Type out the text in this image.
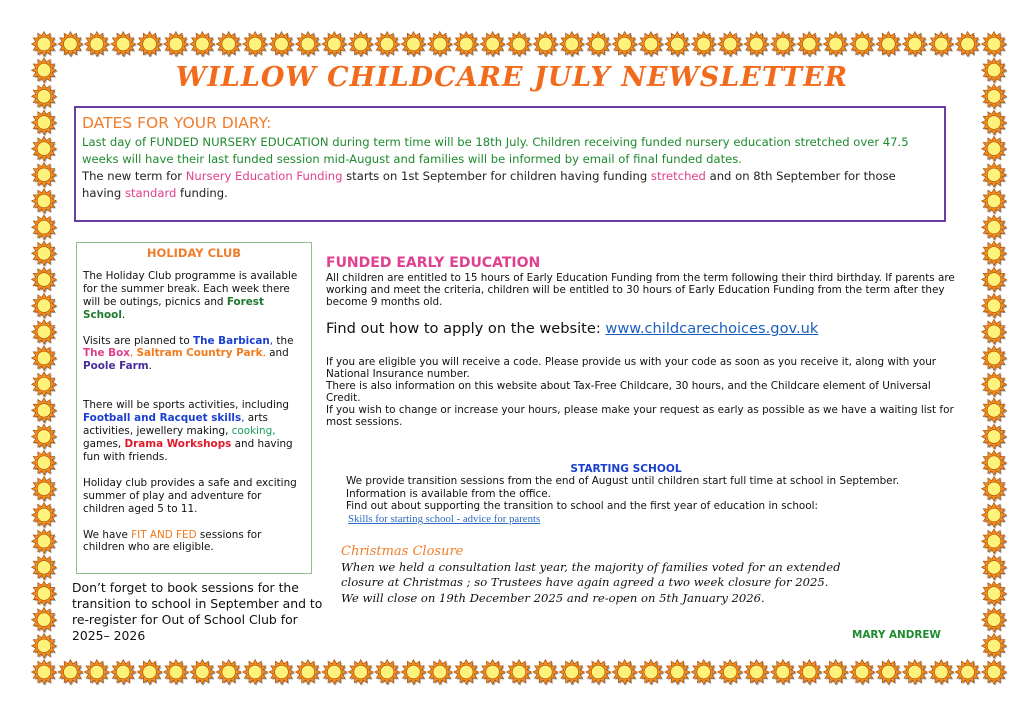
WILLOW CHILDCARE JULY NEWSLETTER
DATES FOR YOUR DIARY:
Last day of FUNDED NURSERY EDUCATION during term time will be 18th July. Children receiving funded nursery education stretched over 47.5 weeks will have their last funded session mid-August and families will be informed by email of final funded dates.
The new term for Nursery Education Funding starts on 1st September for children having funding stretched and on 8th September for those having standard funding.
HOLIDAY CLUB

The Holiday Club programme is available for the summer break. Each week there will be outings, picnics and Forest School.

Visits are planned to The Barbican, the The Box, Saltram Country Park, and Poole Farm.

There will be sports activities, including Football and Racquet skills, arts activities, jewellery making, cooking, games, Drama Workshops and having fun with friends.

Holiday club provides a safe and exciting summer of play and adventure for children aged 5 to 11.

We have FIT AND FED sessions for children who are eligible.

Don’t forget to book sessions for the transition to school in September and to re-register for Out of School Club for 2025– 2026
FUNDED EARLY EDUCATION
All children are entitled to 15 hours of Early Education Funding from the term following their third birthday. If parents are working and meet the criteria, children will be entitled to 30 hours of Early Education Funding from the term after they become 9 months old.
Find out how to apply on the website: www.childcarechoices.gov.uk
If you are eligible you will receive a code. Please provide us with your code as soon as you receive it, along with your National Insurance number.
There is also information on this website about Tax-Free Childcare, 30 hours, and the Childcare element of Universal Credit.
If you wish to change or increase your hours, please make your request as early as possible as we have a waiting list for most sessions.
STARTING SCHOOL
We provide transition sessions from the end of August until children start full time at school in September. Information is available from the office.
Find out about supporting the transition to school and the first year of education in school:
Skills for starting school - advice for parents
Christmas Closure
When we held a consultation last year, the majority of families voted for an extended closure at Christmas ; so Trustees have again agreed a two week closure for 2025.
We will close on 19th December 2025 and re-open on 5th January 2026.
MARY ANDREW
